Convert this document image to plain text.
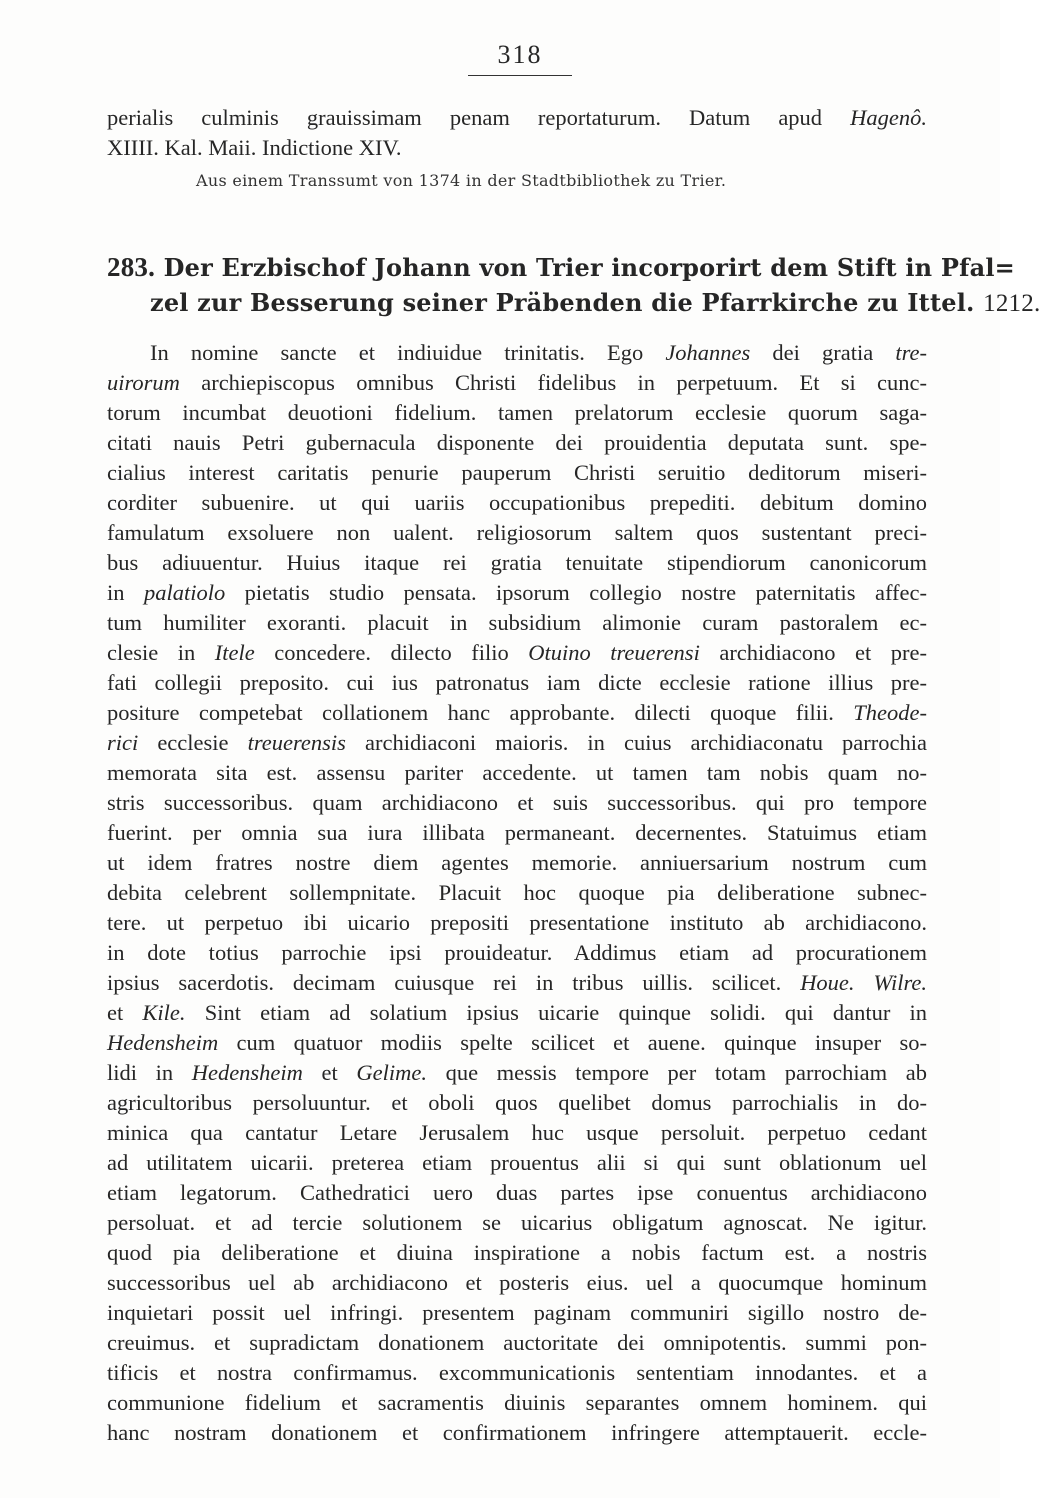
318
perialis culminis grauissimam penam reportaturum. Datum apud Hagenô.
XIIII. Kal. Maii. Indictione XIV.
Aus einem Transsumt von 1374 in der Stadtbibliothek zu Trier.
283. Der Erzbischof Johann von Trier incorporirt dem Stift in Pfal=
zel zur Besserung seiner Präbenden die Pfarrkirche zu Ittel. 1212.
In nomine sancte et indiuidue trinitatis. Ego Johannes dei gratia tre-
uirorum archiepiscopus omnibus Christi fidelibus in perpetuum. Et si cunc-
torum incumbat deuotioni fidelium. tamen prelatorum ecclesie quorum saga-
citati nauis Petri gubernacula disponente dei prouidentia deputata sunt. spe-
cialius interest caritatis penurie pauperum Christi seruitio deditorum miseri-
corditer subuenire. ut qui uariis occupationibus prepediti. debitum domino
famulatum exsoluere non ualent. religiosorum saltem quos sustentant preci-
bus adiuuentur. Huius itaque rei gratia tenuitate stipendiorum canonicorum
in palatiolo pietatis studio pensata. ipsorum collegio nostre paternitatis affec-
tum humiliter exoranti. placuit in subsidium alimonie curam pastoralem ec-
clesie in Itele concedere. dilecto filio Otuino treuerensi archidiacono et pre-
fati collegii preposito. cui ius patronatus iam dicte ecclesie ratione illius pre-
positure competebat collationem hanc approbante. dilecti quoque filii. Theode-
rici ecclesie treuerensis archidiaconi maioris. in cuius archidiaconatu parrochia
memorata sita est. assensu pariter accedente. ut tamen tam nobis quam no-
stris successoribus. quam archidiacono et suis successoribus. qui pro tempore
fuerint. per omnia sua iura illibata permaneant. decernentes. Statuimus etiam
ut idem fratres nostre diem agentes memorie. anniuersarium nostrum cum
debita celebrent sollempnitate. Placuit hoc quoque pia deliberatione subnec-
tere. ut perpetuo ibi uicario prepositi presentatione instituto ab archidiacono.
in dote totius parrochie ipsi prouideatur. Addimus etiam ad procurationem
ipsius sacerdotis. decimam cuiusque rei in tribus uillis. scilicet. Houe. Wilre.
et Kile. Sint etiam ad solatium ipsius uicarie quinque solidi. qui dantur in
Hedensheim cum quatuor modiis spelte scilicet et auene. quinque insuper so-
lidi in Hedensheim et Gelime. que messis tempore per totam parrochiam ab
agricultoribus persoluuntur. et oboli quos quelibet domus parrochialis in do-
minica qua cantatur Letare Jerusalem huc usque persoluit. perpetuo cedant
ad utilitatem uicarii. preterea etiam prouentus alii si qui sunt oblationum uel
etiam legatorum. Cathedratici uero duas partes ipse conuentus archidiacono
persoluat. et ad tercie solutionem se uicarius obligatum agnoscat. Ne igitur.
quod pia deliberatione et diuina inspiratione a nobis factum est. a nostris
successoribus uel ab archidiacono et posteris eius. uel a quocumque hominum
inquietari possit uel infringi. presentem paginam communiri sigillo nostro de-
creuimus. et supradictam donationem auctoritate dei omnipotentis. summi pon-
tificis et nostra confirmamus. excommunicationis sententiam innodantes. et a
communione fidelium et sacramentis diuinis separantes omnem hominem. qui
hanc nostram donationem et confirmationem infringere attemptauerit. eccle-
